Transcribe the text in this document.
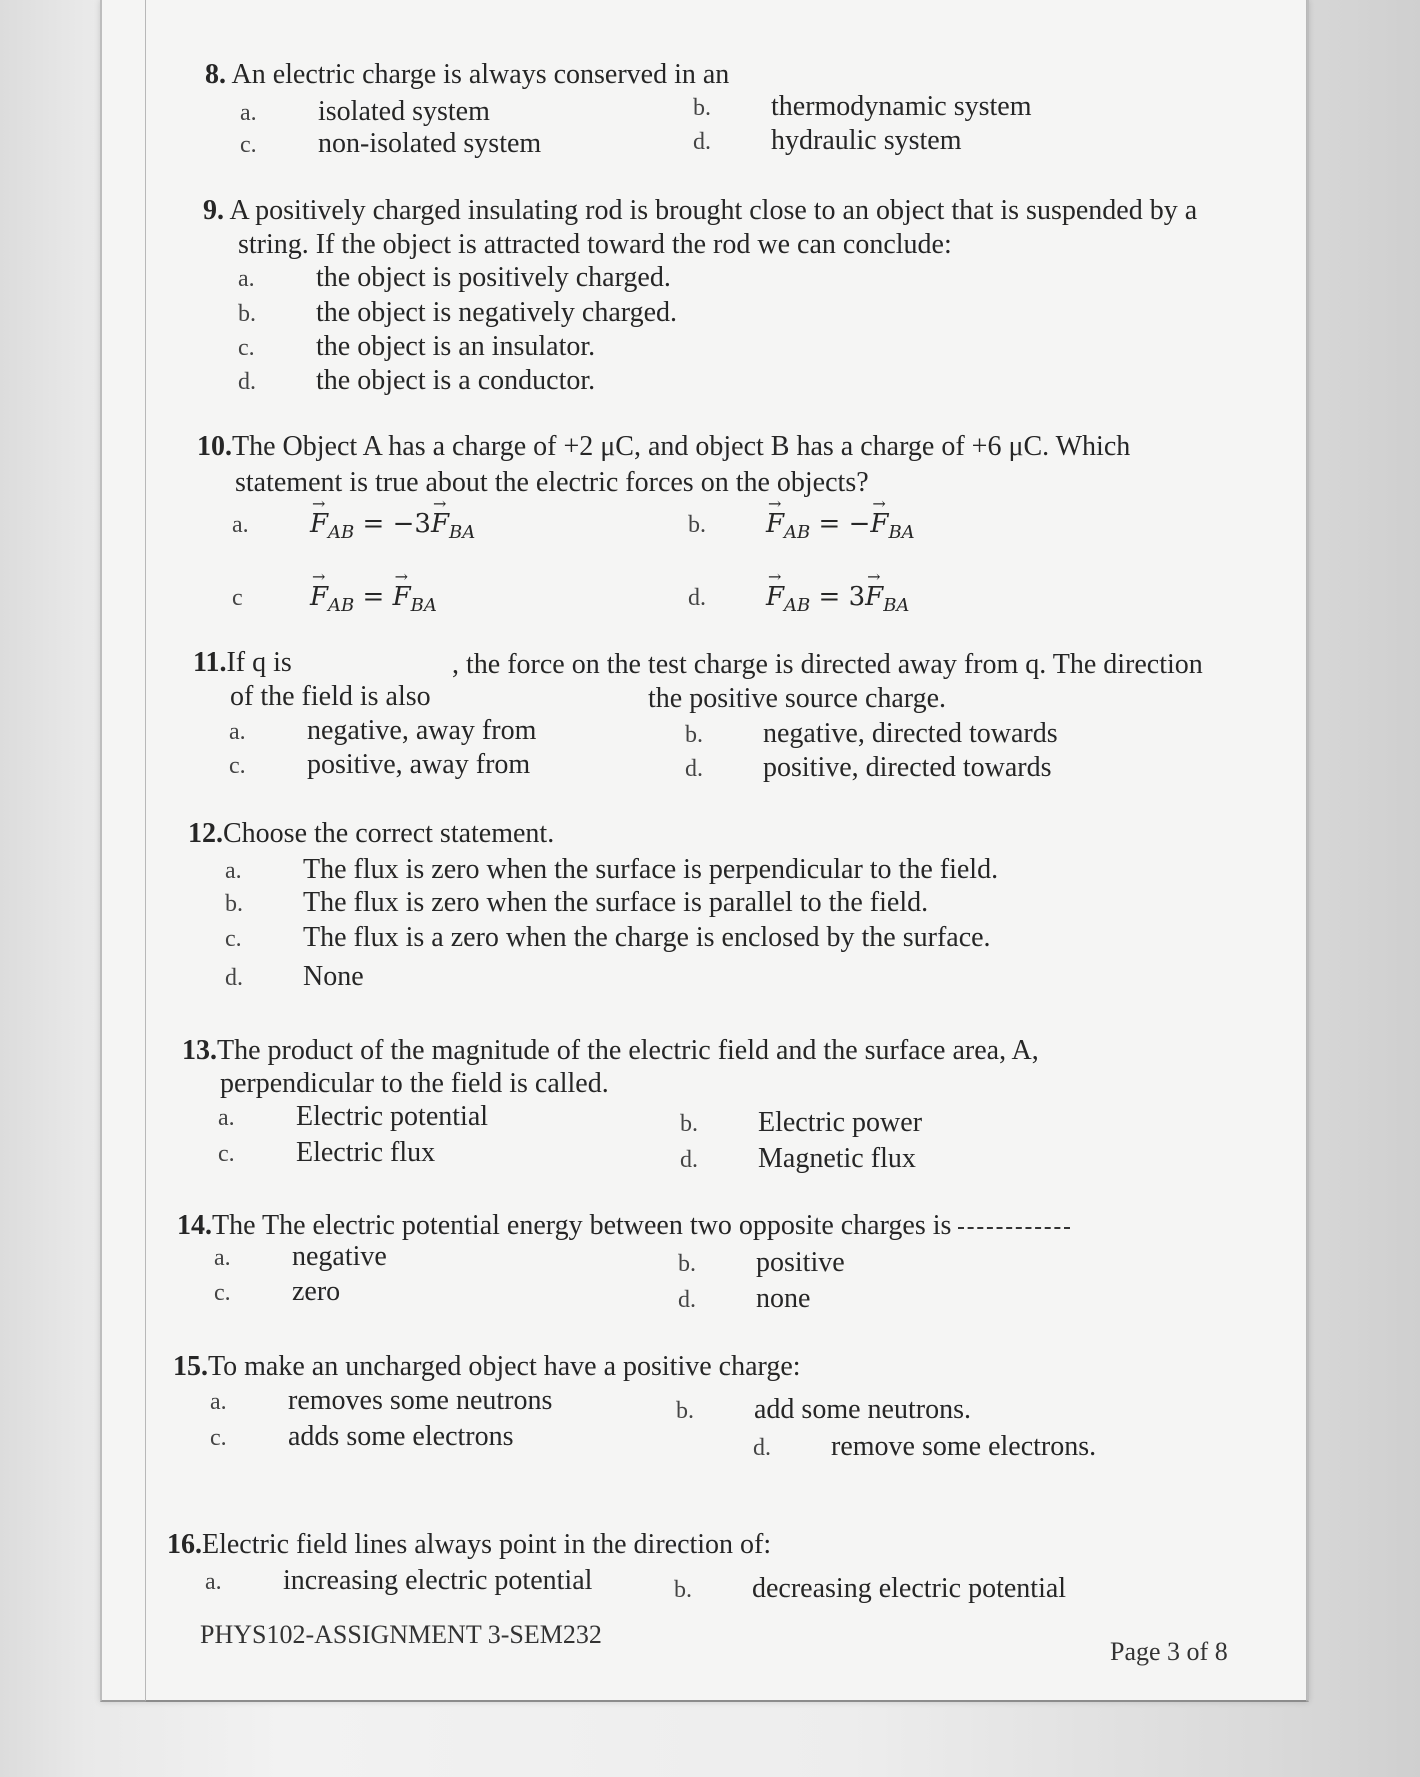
8. An electric charge is always conserved in an
a. isolated system	b. thermodynamic system
c. non-isolated system	d. hydraulic system
9. A positively charged insulating rod is brought close to an object that is suspended by a
string. If the object is attracted toward the rod we can conclude:
a. the object is positively charged.
b. the object is negatively charged.
c. the object is an insulator.
d. the object is a conductor.
10.The Object A has a charge of +2 μC, and object B has a charge of +6 μC. Which
statement is true about the electric forces on the objects?
$a.\to F_{AB} = -3\to F_{BA}$	$b.\to F_{AB}$ = −→ $F_{BA}$
c→	$F_{AB}$ = → $F_{BA}$	$d.\to F_{AB} = 3\to F_{BA}$
11.If q is	, the force on the test charge is directed away from q. The direction
of the field is also	the positive source charge.
a. negative, away from	b. negative, directed towards
c. positive, away from	d. positive, directed towards
12.Choose the correct statement.
a. The flux is zero when the surface is perpendicular to the field.
b. The flux is zero when the surface is parallel to the field.
c. The flux is a zero when the charge is enclosed by the surface.
d. None
13.The product of the magnitude of the electric field and the surface area, A,
perpendicular to the field is called.
a. Electric potential	b. Electric power
c. Electric flux	d. Magnetic flux
14.The The electric potential energy between two opposite charges is
a. negative	b. positive
c. zero	d. none
15.To make an uncharged object have a positive charge:
a. removes some neutrons	b. add some neutrons.
c. adds some electrons	d. remove some electrons.
16.Electric field lines always point in the direction of:
a. increasing electric potential	b. decreasing electric potential
PHYS102-ASSIGNMENT 3-SEM232
Page 3 of 8
